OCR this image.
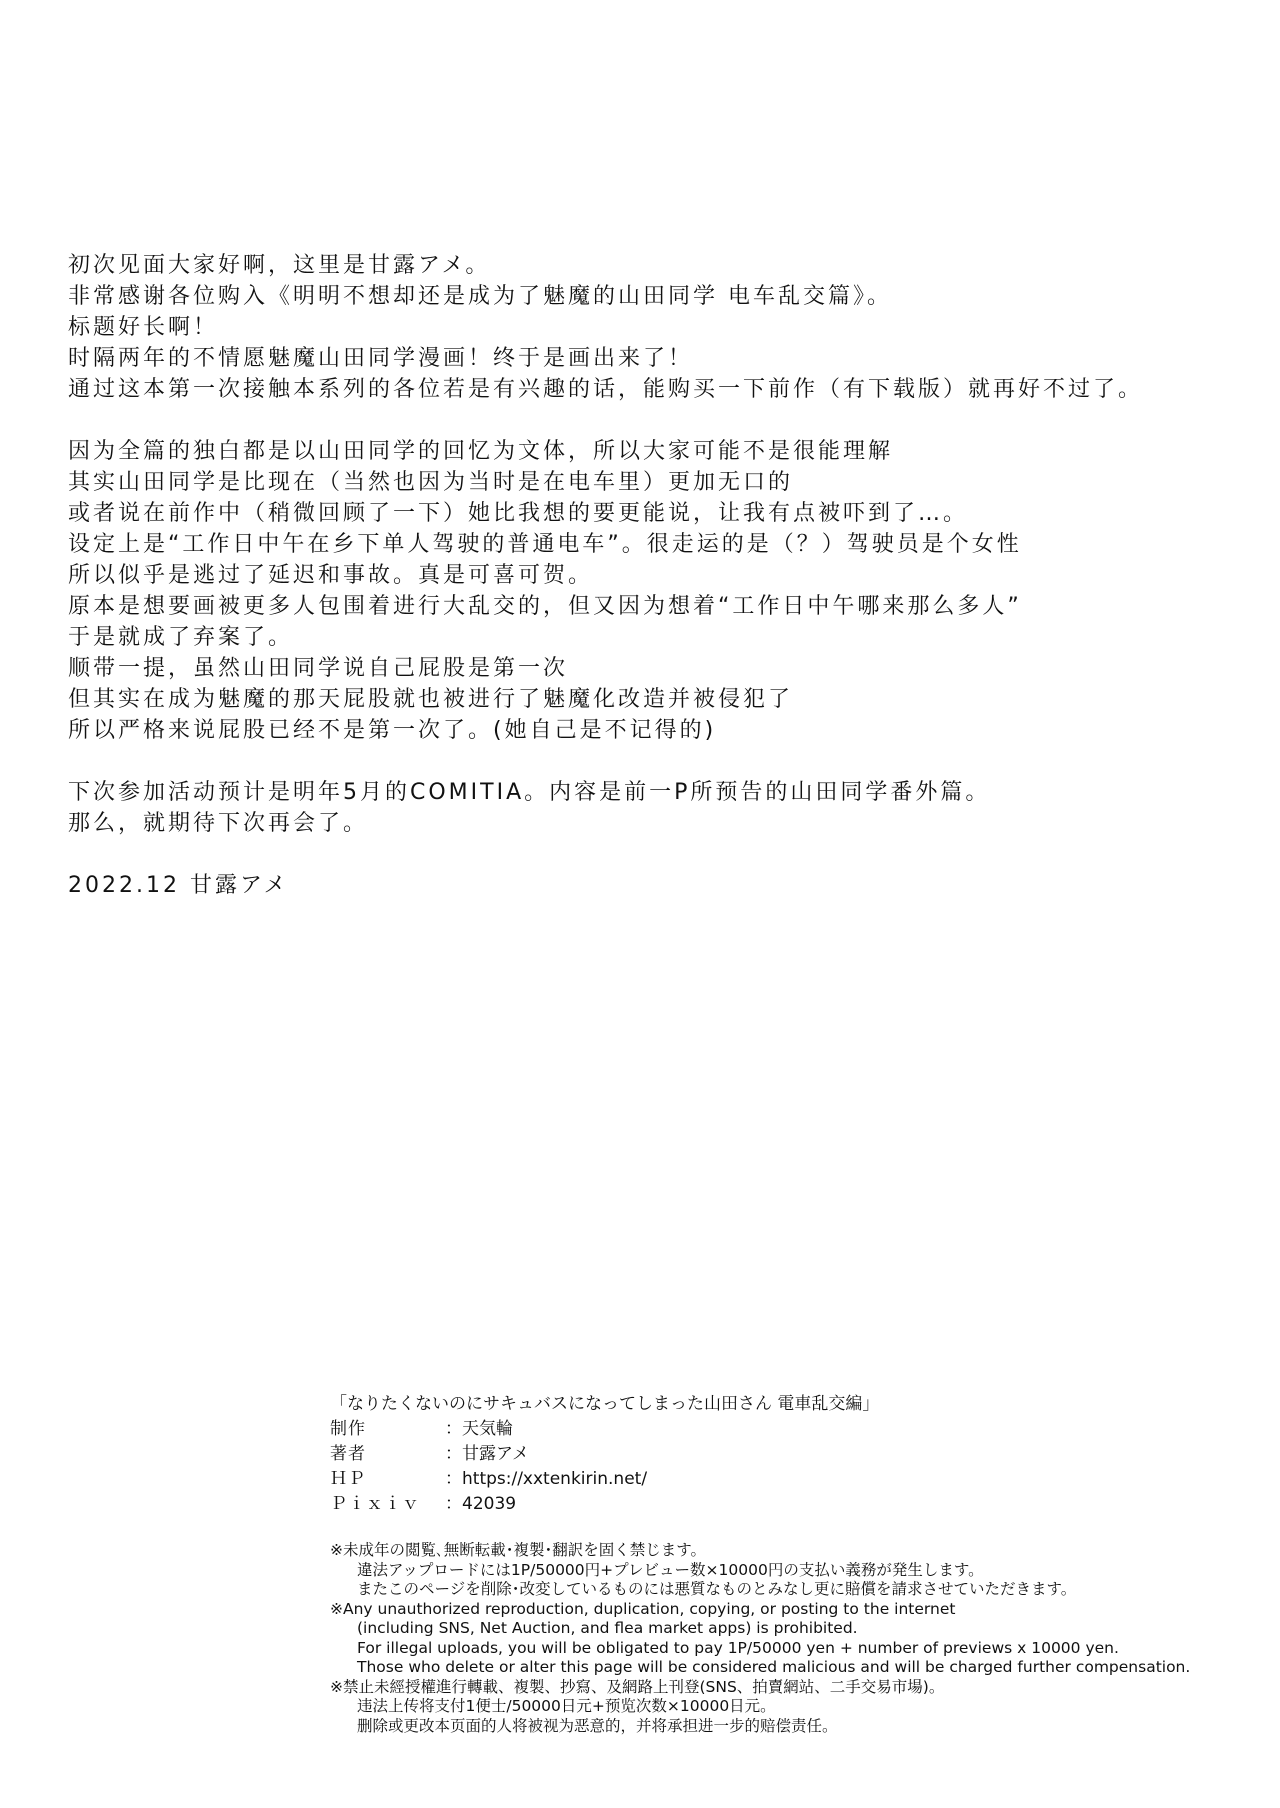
初次见面大家好啊，这里是甘露アメ。
非常感谢各位购入《明明不想却还是成为了魅魔的山田同学 电车乱交篇》。
标题好长啊！
时隔两年的不情愿魅魔山田同学漫画！终于是画出来了！
通过这本第一次接触本系列的各位若是有兴趣的话，能购买一下前作（有下载版）就再好不过了。
因为全篇的独白都是以山田同学的回忆为文体，所以大家可能不是很能理解
其实山田同学是比现在（当然也因为当时是在电车里）更加无口的
或者说在前作中（稍微回顾了一下）她比我想的要更能说，让我有点被吓到了…。
设定上是“工作日中午在乡下单人驾驶的普通电车”。很走运的是（？）驾驶员是个女性
所以似乎是逃过了延迟和事故。真是可喜可贺。
原本是想要画被更多人包围着进行大乱交的，但又因为想着“工作日中午哪来那么多人”
于是就成了弃案了。
顺带一提，虽然山田同学说自己屁股是第一次
但其实在成为魅魔的那天屁股就也被进行了魅魔化改造并被侵犯了
所以严格来说屁股已经不是第一次了。(她自己是不记得的)
下次参加活动预计是明年5月的COMITIA。内容是前一P所预告的山田同学番外篇。
那么，就期待下次再会了。
2022.12 甘露アメ
「なりたくないのにサキュバスになってしまった山田さん 電車乱交編」
制作	：天気輪
著者	：甘露アメ
ＨＰ	：https://xxtenkirin.net/
Ｐｉｘｉｖ	：42039
※未成年の閲覧､無断転載･複製･翻訳を固く禁じます。
違法アップロードには1P/50000円+プレビュー数×10000円の支払い義務が発生します。
またこのページを削除･改変しているものには悪質なものとみなし更に賠償を請求させていただきます。
※Any unauthorized reproduction, duplication, copying, or posting to the internet
(including SNS, Net Auction, and flea market apps) is prohibited.
For illegal uploads, you will be obligated to pay 1P/50000 yen + number of previews x 10000 yen.
Those who delete or alter this page will be considered malicious and will be charged further compensation.
※禁止未經授權進行轉載、複製、抄寫、及網路上刊登(SNS、拍賣網站、二手交易市場)。
违法上传将支付1便士/50000日元+预览次数×10000日元。
删除或更改本页面的人将被视为恶意的，并将承担进一步的赔偿责任。
